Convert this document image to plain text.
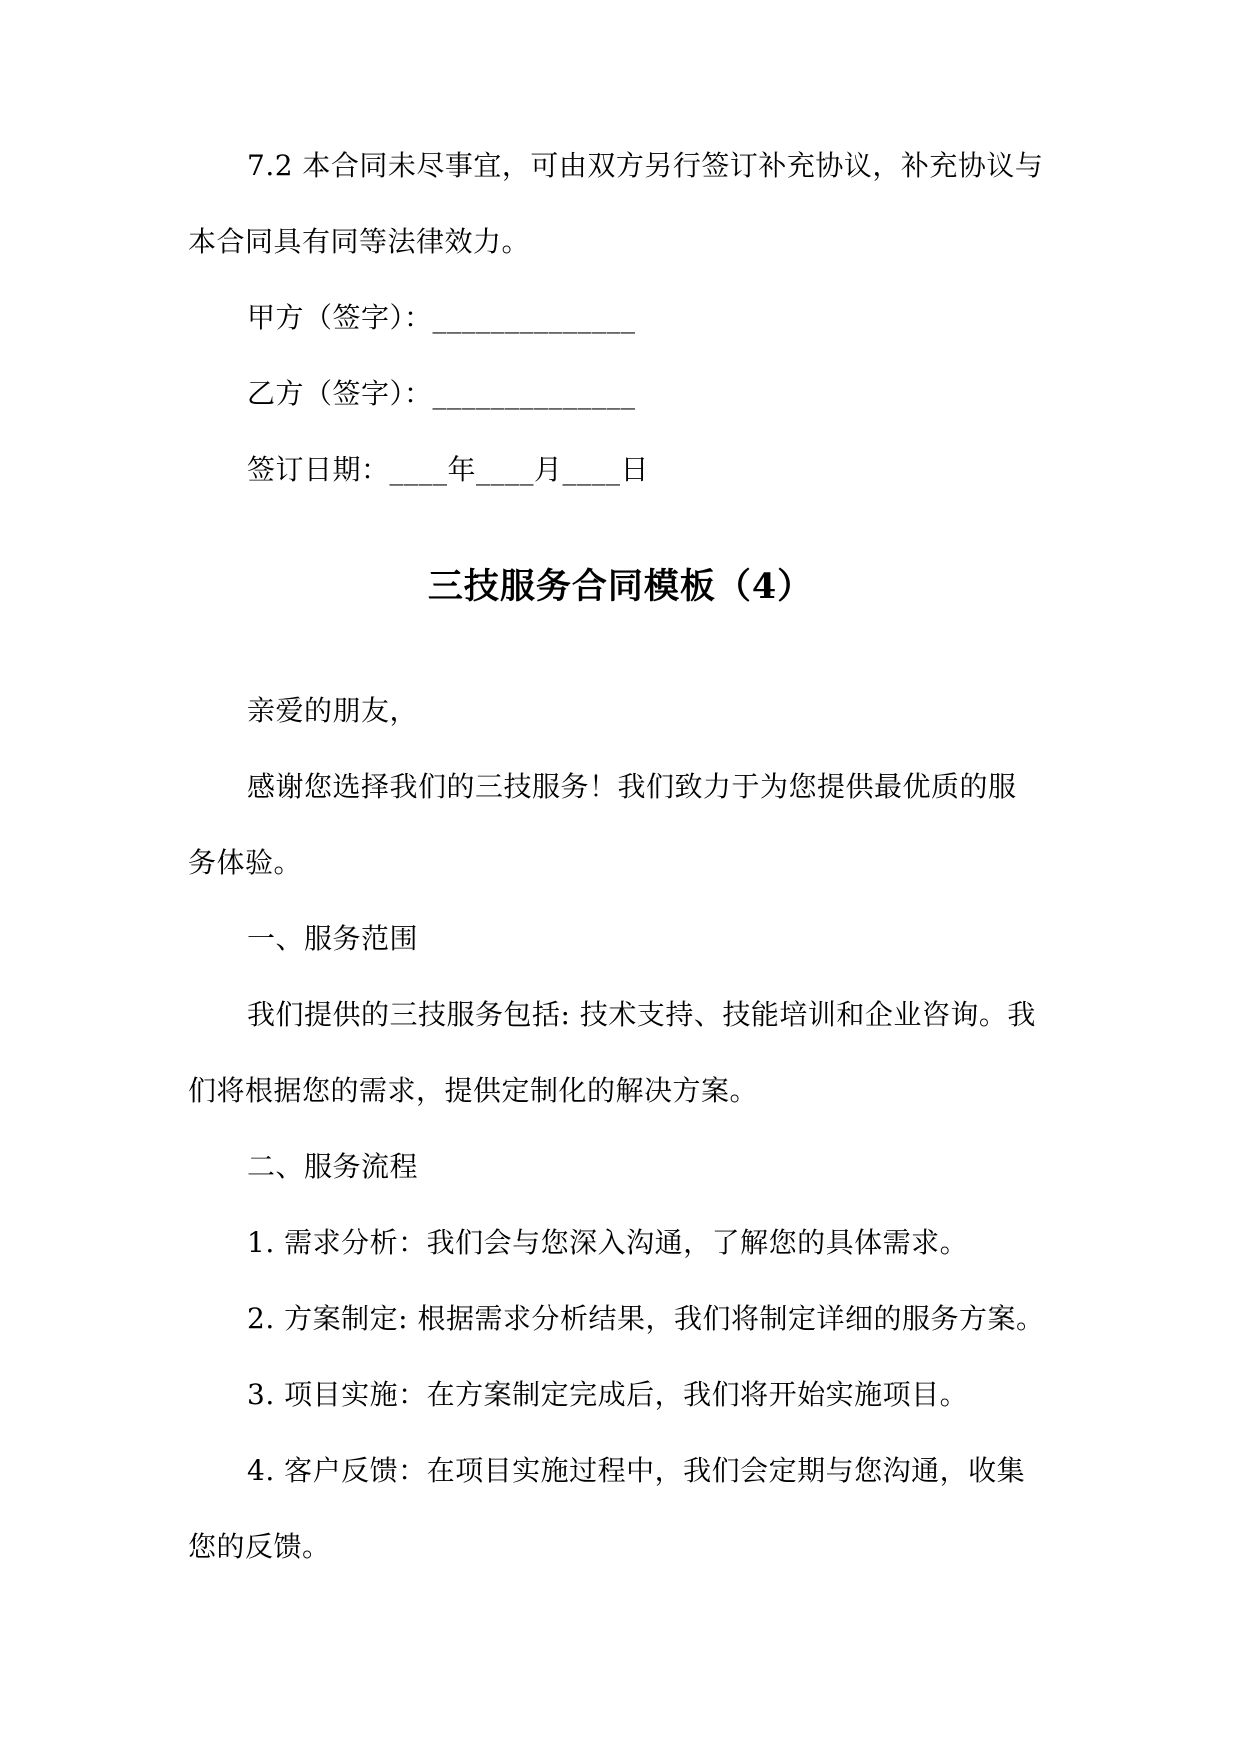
7.2 本合同未尽事宜，可由双方另行签订补充协议，补充协议与
本合同具有同等法律效力。
甲方（签字）：______________
乙方（签字）：______________
签订日期：____年____月____日
三技服务合同模板（4）
亲爱的朋友，
感谢您选择我们的三技服务！我们致力于为您提供最优质的服
务体验。
一、服务范围
我们提供的三技服务包括: 技术支持、技能培训和企业咨询。我
们将根据您的需求，提供定制化的解决方案。
二、服务流程
1. 需求分析：我们会与您深入沟通，了解您的具体需求。
2. 方案制定: 根据需求分析结果，我们将制定详细的服务方案。
3. 项目实施：在方案制定完成后，我们将开始实施项目。
4. 客户反馈：在项目实施过程中，我们会定期与您沟通，收集
您的反馈。
